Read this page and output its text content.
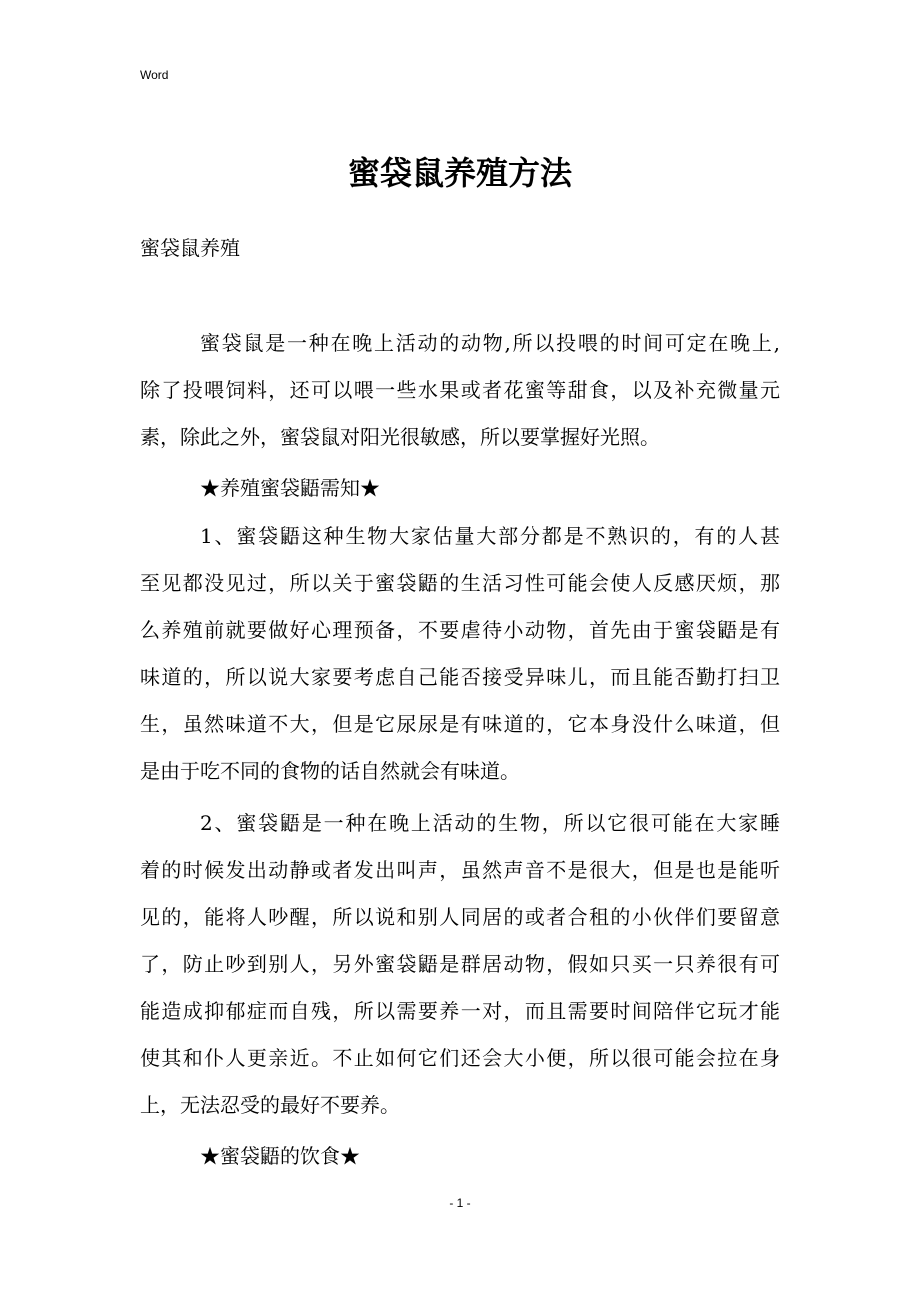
Word
蜜袋鼠养殖方法
蜜袋鼠养殖
蜜袋鼠是一种在晚上活动的动物,所以投喂的时间可定在晚上,
除了投喂饲料，还可以喂一些水果或者花蜜等甜食，以及补充微量元
素，除此之外，蜜袋鼠对阳光很敏感，所以要掌握好光照。
★养殖蜜袋鼯需知★
1、蜜袋鼯这种生物大家估量大部分都是不熟识的，有的人甚
至见都没见过，所以关于蜜袋鼯的生活习性可能会使人反感厌烦，那
么养殖前就要做好心理预备，不要虐待小动物，首先由于蜜袋鼯是有
味道的，所以说大家要考虑自己能否接受异味儿，而且能否勤打扫卫
生，虽然味道不大，但是它尿尿是有味道的，它本身没什么味道，但
是由于吃不同的食物的话自然就会有味道。
2、蜜袋鼯是一种在晚上活动的生物，所以它很可能在大家睡
着的时候发出动静或者发出叫声，虽然声音不是很大，但是也是能听
见的，能将人吵醒，所以说和别人同居的或者合租的小伙伴们要留意
了，防止吵到别人，另外蜜袋鼯是群居动物，假如只买一只养很有可
能造成抑郁症而自残，所以需要养一对，而且需要时间陪伴它玩才能
使其和仆人更亲近。不止如何它们还会大小便，所以很可能会拉在身
上，无法忍受的最好不要养。
★蜜袋鼯的饮食★
- 1 -
